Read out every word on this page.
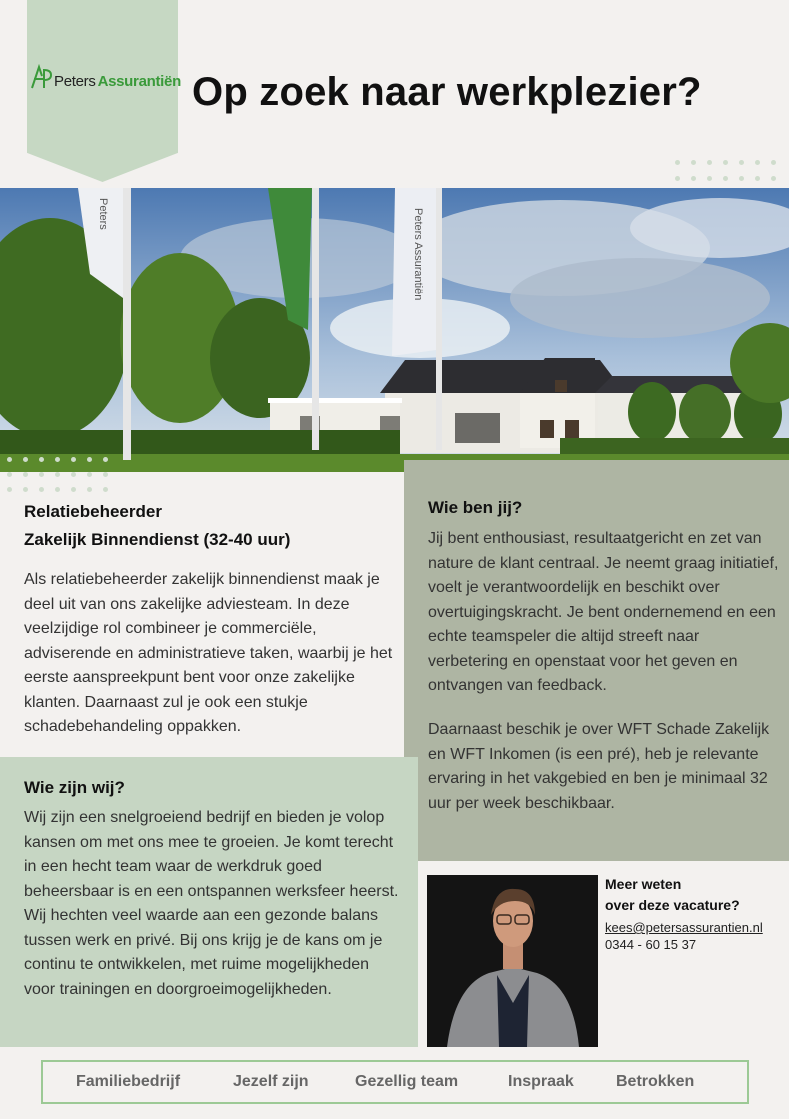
Peters Assurantiën Op zoek naar werkplezier?
Peters	Peters Assurantiën
Relatiebeheerder
Zakelijk Binnendienst (32-40 uur)
Als relatiebeheerder zakelijk binnendienst maak je deel uit van ons zakelijke adviesteam. In deze veelzijdige rol combineer je commerciële, adviserende en administratieve taken, waarbij je het eerste aanspreekpunt bent voor onze zakelijke klanten. Daarnaast zul je ook een stukje schadebehandeling oppakken.
Wie ben jij?
Jij bent enthousiast, resultaatgericht en zet van nature de klant centraal. Je neemt graag initiatief, voelt je verantwoordelijk en beschikt over overtuigingskracht. Je bent ondernemend en een echte teamspeler die altijd streeft naar verbetering en openstaat voor het geven en ontvangen van feedback.
Daarnaast beschik je over WFT Schade Zakelijk en WFT Inkomen (is een pré), heb je relevante ervaring in het vakgebied en ben je minimaal 32 uur per week beschikbaar.
Wie zijn wij?
Wij zijn een snelgroeiend bedrijf en bieden je volop kansen om met ons mee te groeien. Je komt terecht in een hecht team waar de werkdruk goed beheersbaar is en een ontspannen werksfeer heerst. Wij hechten veel waarde aan een gezonde balans tussen werk en privé. Bij ons krijg je de kans om je continu te ontwikkelen, met ruime mogelijkheden voor trainingen en doorgroeimogelijkheden.
Meer weten
over deze vacature?
kees@petersassurantien.nl
0344 - 60 15 37
Familiebedrijf	Jezelf zijn	Gezellig team	Inspraak	Betrokken
